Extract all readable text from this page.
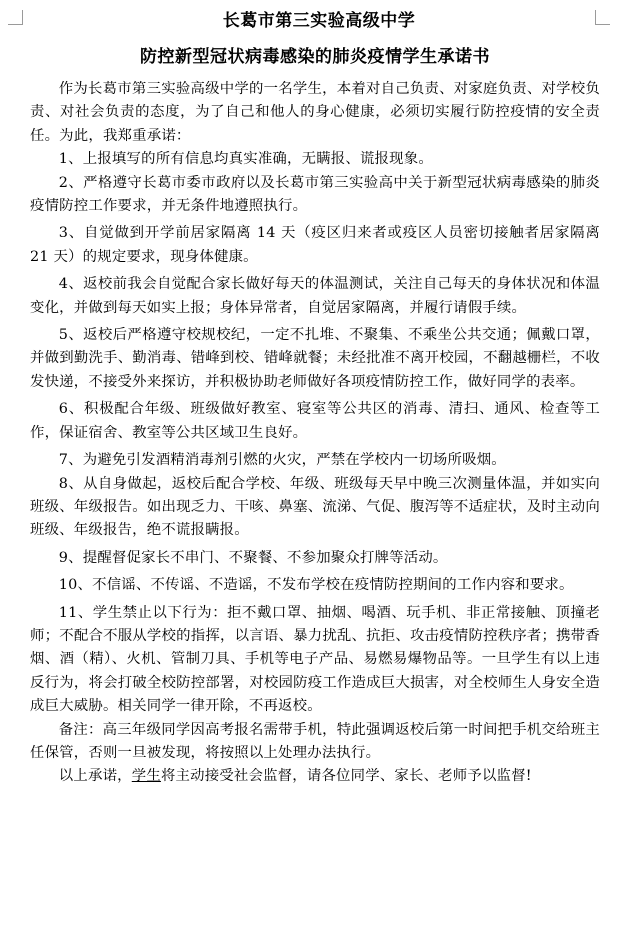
长葛市第三实验高级中学
防控新型冠状病毒感染的肺炎疫情学生承诺书

作为长葛市第三实验高级中学的一名学生，本着对自己负责、对家庭负责、对学校负责、对社会负责的态度，为了自己和他人的身心健康，必须切实履行防控疫情的安全责任。为此，我郑重承诺：

1、上报填写的所有信息均真实准确，无瞒报、谎报现象。

2、严格遵守长葛市委市政府以及长葛市第三实验高中关于新型冠状病毒感染的肺炎疫情防控工作要求，并无条件地遵照执行。

3、自觉做到开学前居家隔离 14 天（疫区归来者或疫区人员密切接触者居家隔离 21 天）的规定要求，现身体健康。

4、返校前我会自觉配合家长做好每天的体温测试，关注自己每天的身体状况和体温变化，并做到每天如实上报；身体异常者，自觉居家隔离，并履行请假手续。

5、返校后严格遵守校规校纪，一定不扎堆、不聚集、不乘坐公共交通；佩戴口罩，并做到勤洗手、勤消毒、错峰到校、错峰就餐；未经批准不离开校园，不翻越栅栏，不收发快递，不接受外来探访，并积极协助老师做好各项疫情防控工作，做好同学的表率。

6、积极配合年级、班级做好教室、寝室等公共区的消毒、清扫、通风、检查等工作，保证宿舍、教室等公共区域卫生良好。

7、为避免引发酒精消毒剂引燃的火灾，严禁在学校内一切场所吸烟。

8、从自身做起，返校后配合学校、年级、班级每天早中晚三次测量体温，并如实向班级、年级报告。如出现乏力、干咳、鼻塞、流涕、气促、腹泻等不适症状，及时主动向班级、年级报告，绝不谎报瞒报。

9、提醒督促家长不串门、不聚餐、不参加聚众打牌等活动。

10、不信谣、不传谣、不造谣，不发布学校在疫情防控期间的工作内容和要求。

11、学生禁止以下行为：拒不戴口罩、抽烟、喝酒、玩手机、非正常接触、顶撞老师；不配合不服从学校的指挥，以言语、暴力扰乱、抗拒、攻击疫情防控秩序者；携带香烟、酒（精）、火机、管制刀具、手机等电子产品、易燃易爆物品等。一旦学生有以上违反行为，将会打破全校防控部署，对校园防疫工作造成巨大损害，对全校师生人身安全造成巨大威胁。相关同学一律开除，不再返校。

备注：高三年级同学因高考报名需带手机，特此强调返校后第一时间把手机交给班主任保管，否则一旦被发现，将按照以上处理办法执行。

以上承诺，学生将主动接受社会监督，请各位同学、家长、老师予以监督!
